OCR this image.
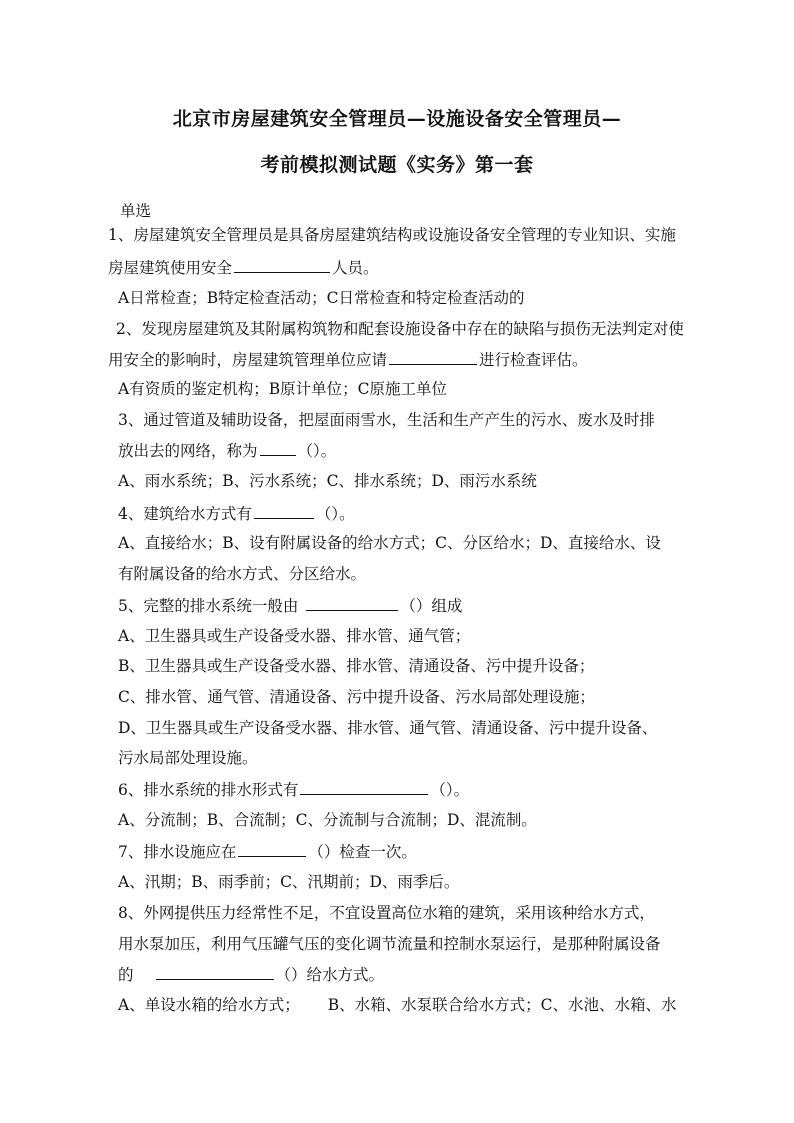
北京市房屋建筑安全管理员—设施设备安全管理员—
考前模拟测试题《实务》第一套
单选
1、房屋建筑安全管理员是具备房屋建筑结构或设施设备安全管理的专业知识、实施
房屋建筑使用安全	人员。
A日常检查；B特定检查活动；C日常检查和特定检查活动的
2、发现房屋建筑及其附属构筑物和配套设施设备中存在的缺陷与损伤无法判定对使
用安全的影响时，房屋建筑管理单位应请	进行检查评估。
A有资质的鉴定机构；B原计单位；C原施工单位
3、通过管道及辅助设备，把屋面雨雪水，生活和生产产生的污水、废水及时排
放出去的网络，称为	（）。
A、雨水系统；B、污水系统；C、排水系统；D、雨污水系统
4、建筑给水方式有	（）。
A、直接给水；B、设有附属设备的给水方式；C、分区给水；D、直接给水、设
有附属设备的给水方式、分区给水。
5、完整的排水系统一般由	（）组成
A、卫生器具或生产设备受水器、排水管、通气管；
B、卫生器具或生产设备受水器、排水管、清通设备、污中提升设备；
C、排水管、通气管、清通设备、污中提升设备、污水局部处理设施；
D、卫生器具或生产设备受水器、排水管、通气管、清通设备、污中提升设备、
污水局部处理设施。
6、排水系统的排水形式有	（）。
A、分流制；B、合流制；C、分流制与合流制；D、混流制。
7、排水设施应在	（）检查一次。
A、汛期；B、雨季前；C、汛期前；D、雨季后。
8、外网提供压力经常性不足，不宜设置高位水箱的建筑，采用该种给水方式，
用水泵加压，利用气压罐气压的变化调节流量和控制水泵运行，是那种附属设备
的	（）给水方式。
A、单设水箱的给水方式； B、水箱、水泵联合给水方式；C、水池、水箱、水
